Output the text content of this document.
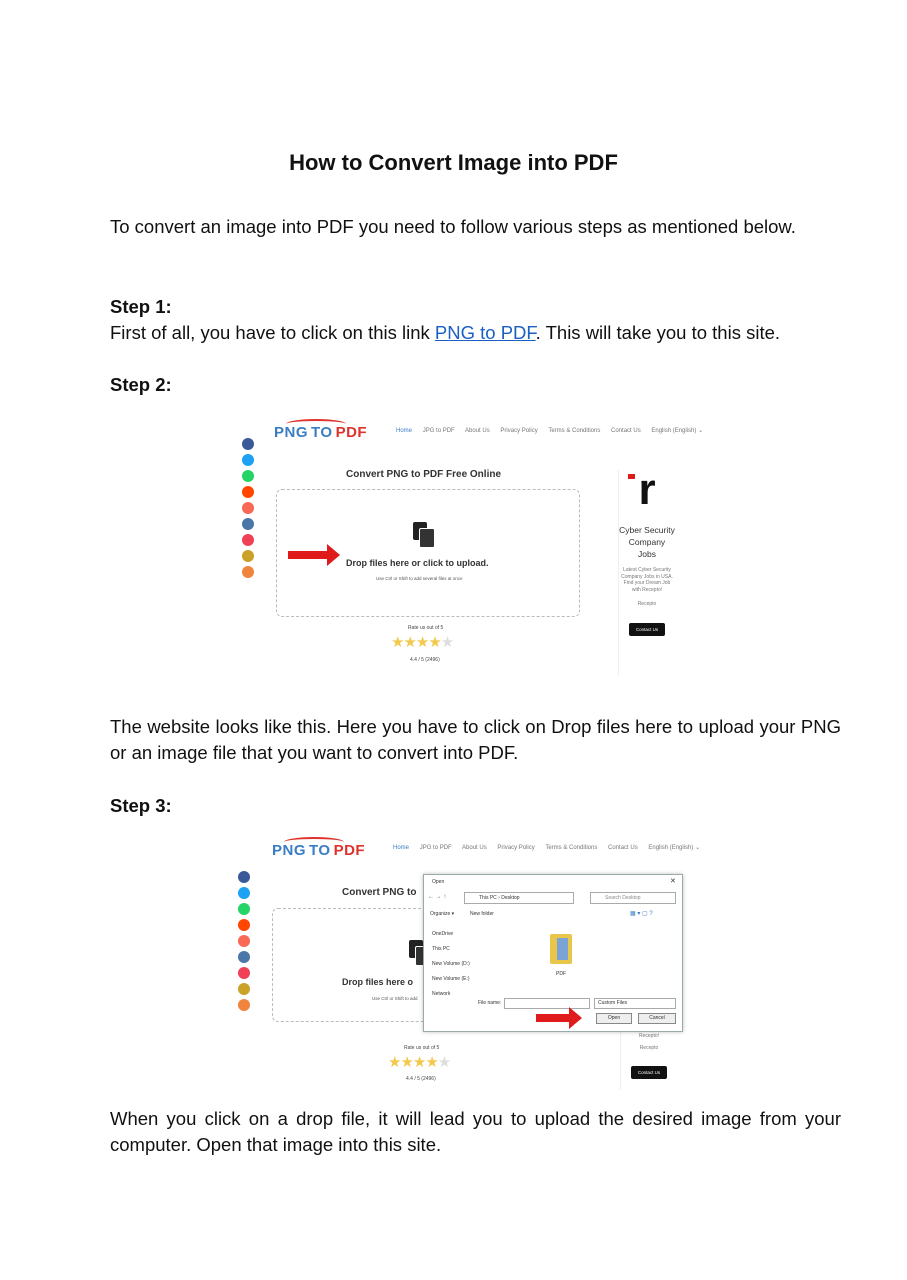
How to Convert Image into PDF

To convert an image into PDF you need to follow various steps as mentioned below.

Step 1:

First of all, you have to click on this link PNG to PDF. This will take you to this site.

Step 2:

PNG TO PDF	Home JPG to PDF About Us Privacy Policy Terms & Conditions Contact Us English (English) ⌄
Convert PNG to PDF Free Online
Drop files here or click to upload.
Use Ctrl or Shift to add several files at once
Rate us out of 5
★★★★★
4.4 / 5 (2496)
r
Cyber Security Company Jobs
Latest Cyber Security Company Jobs in USA. Find your Dream Job with Recepto!
Recepto
Contact Us

The website looks like this. Here you have to click on Drop files here to upload your PNG or an image file that you want to convert into PDF.

Step 3:

PNG TO PDF	Home JPG to PDF About Us Privacy Policy Terms & Conditions Contact Us English (English) ⌄
Convert PNG to
Drop files here o
Use Ctrl or Shift to add
Rate us out of 5
★★★★★
4.4 / 5 (2496)
Recepto!
Recepto
Contact Us
Open	✕
← → ↑	This PC › Desktop	Search Desktop
Organize ▾	New folder	▦ ▾ ▢ ?
OneDrive
This PC
New Volume (D:)
New Volume (E:)
Network
PDF
File name:	Custom Files
Open	Cancel

When you click on a drop file, it will lead you to upload the desired image from your computer. Open that image into this site.
